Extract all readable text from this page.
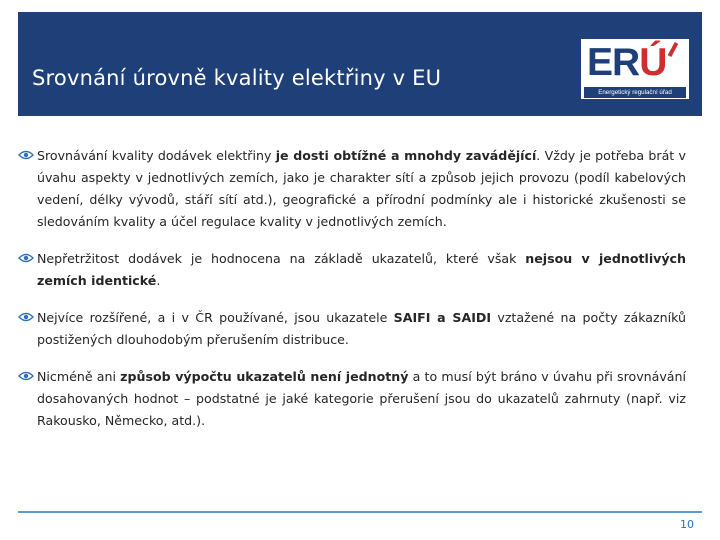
Srovnání úrovně kvality elektřiny v EU	ERÚ
Energetický regulační úřad
Srovnávání kvality dodávek elektřiny je dosti obtížné a mnohdy zavádějící. Vždy je potřeba brát v úvahu aspekty v jednotlivých zemích, jako je charakter sítí a způsob jejich provozu (podíl kabelových vedení, délky vývodů, stáří sítí atd.), geografické a přírodní podmínky ale i historické zkušenosti se sledováním kvality a účel regulace kvality v jednotlivých zemích.
Nepřetržitost dodávek je hodnocena na základě ukazatelů, které však nejsou v jednotlivých zemích identické.
Nejvíce rozšířené, a i v ČR používané, jsou ukazatele SAIFI a SAIDI vztažené na počty zákazníků postižených dlouhodobým přerušením distribuce.
Nicméně ani způsob výpočtu ukazatelů není jednotný a to musí být bráno v úvahu při srovnávání dosahovaných hodnot – podstatné je jaké kategorie přerušení jsou do ukazatelů zahrnuty (např. viz Rakousko, Německo, atd.).
10
